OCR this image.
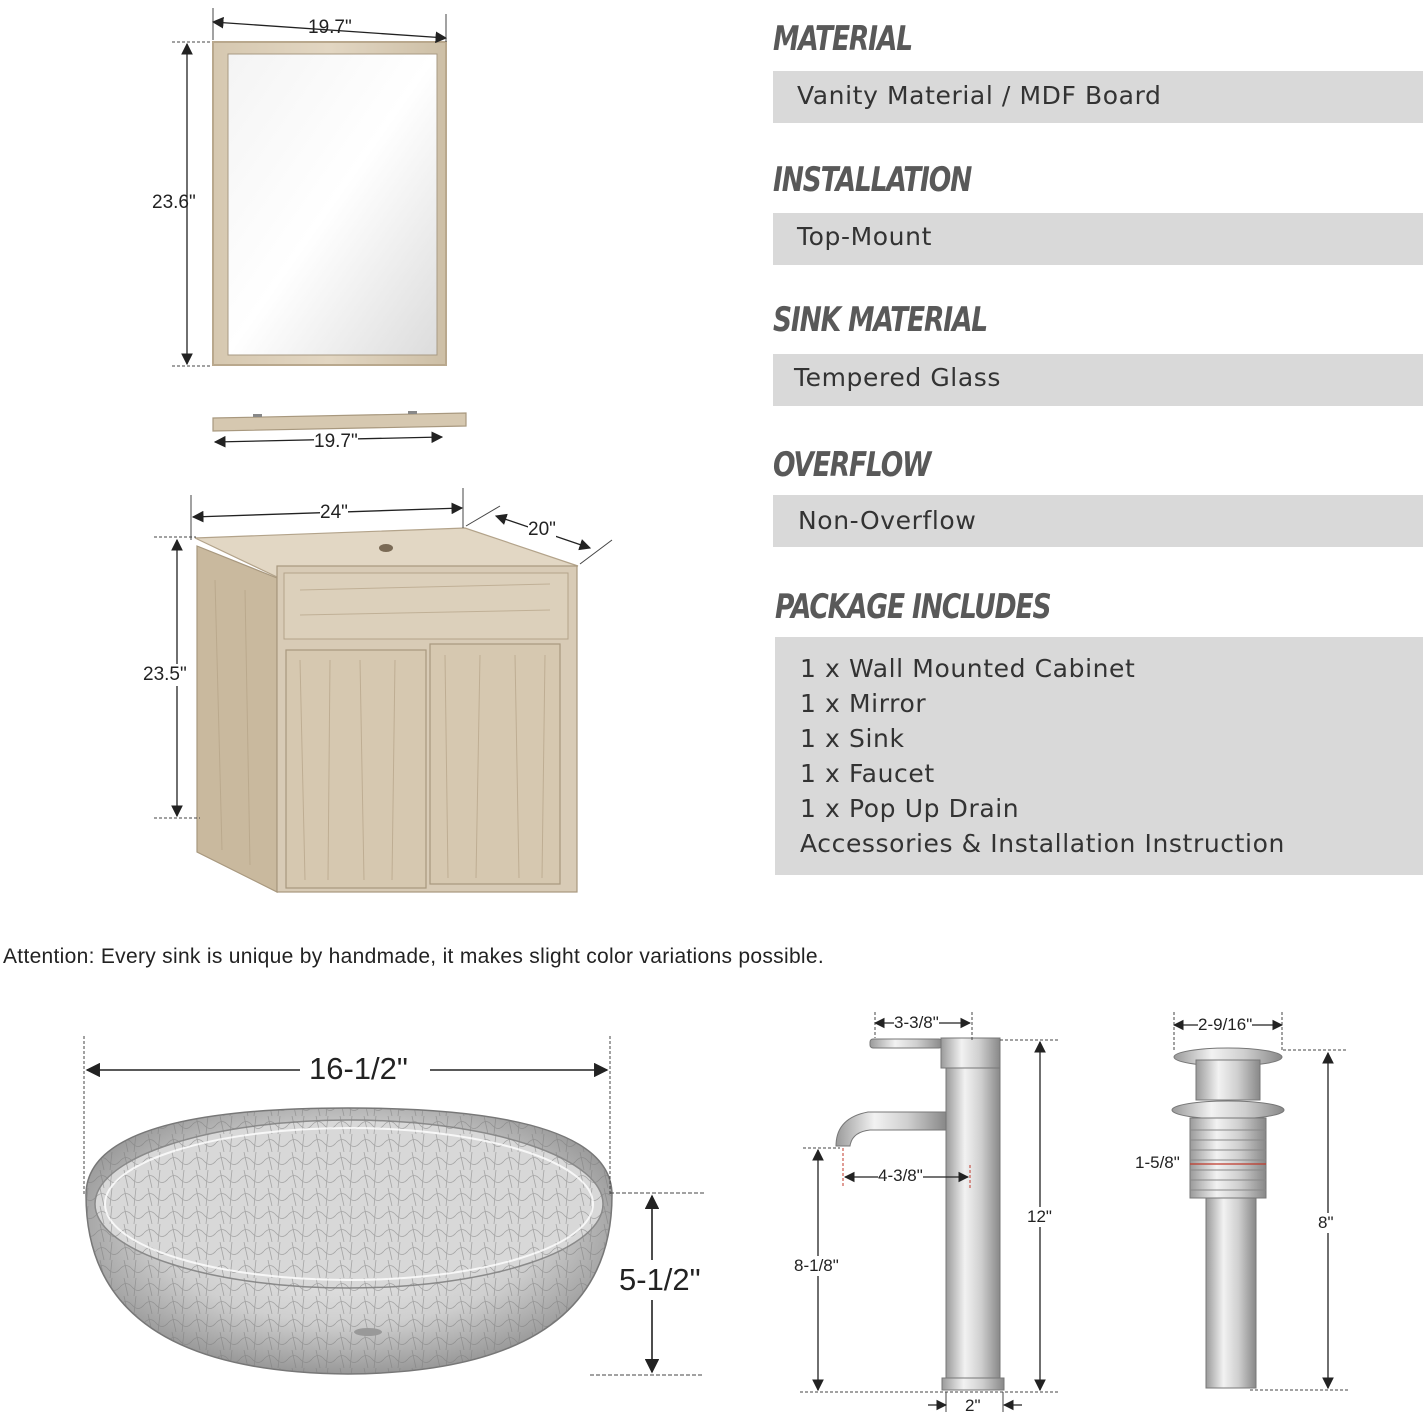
MATERIAL
Vanity Material / MDF Board
INSTALLATION
Top-Mount
SINK MATERIAL
Tempered Glass
OVERFLOW
Non-Overflow
PACKAGE INCLUDES
1 x Wall Mounted Cabinet
1 x Mirror
1 x Sink
1 x Faucet
1 x Pop Up Drain
Accessories & Installation Instruction
19.7"
23.6"
19.7"
24"
20"
23.5"
Attention: Every sink is unique by handmade, it makes slight color variations possible.
16-1/2"
5-1/2"
3-3/8"
4-3/8"
12"
8-1/8"
2"
2-9/16"
1-5/8"
8"
